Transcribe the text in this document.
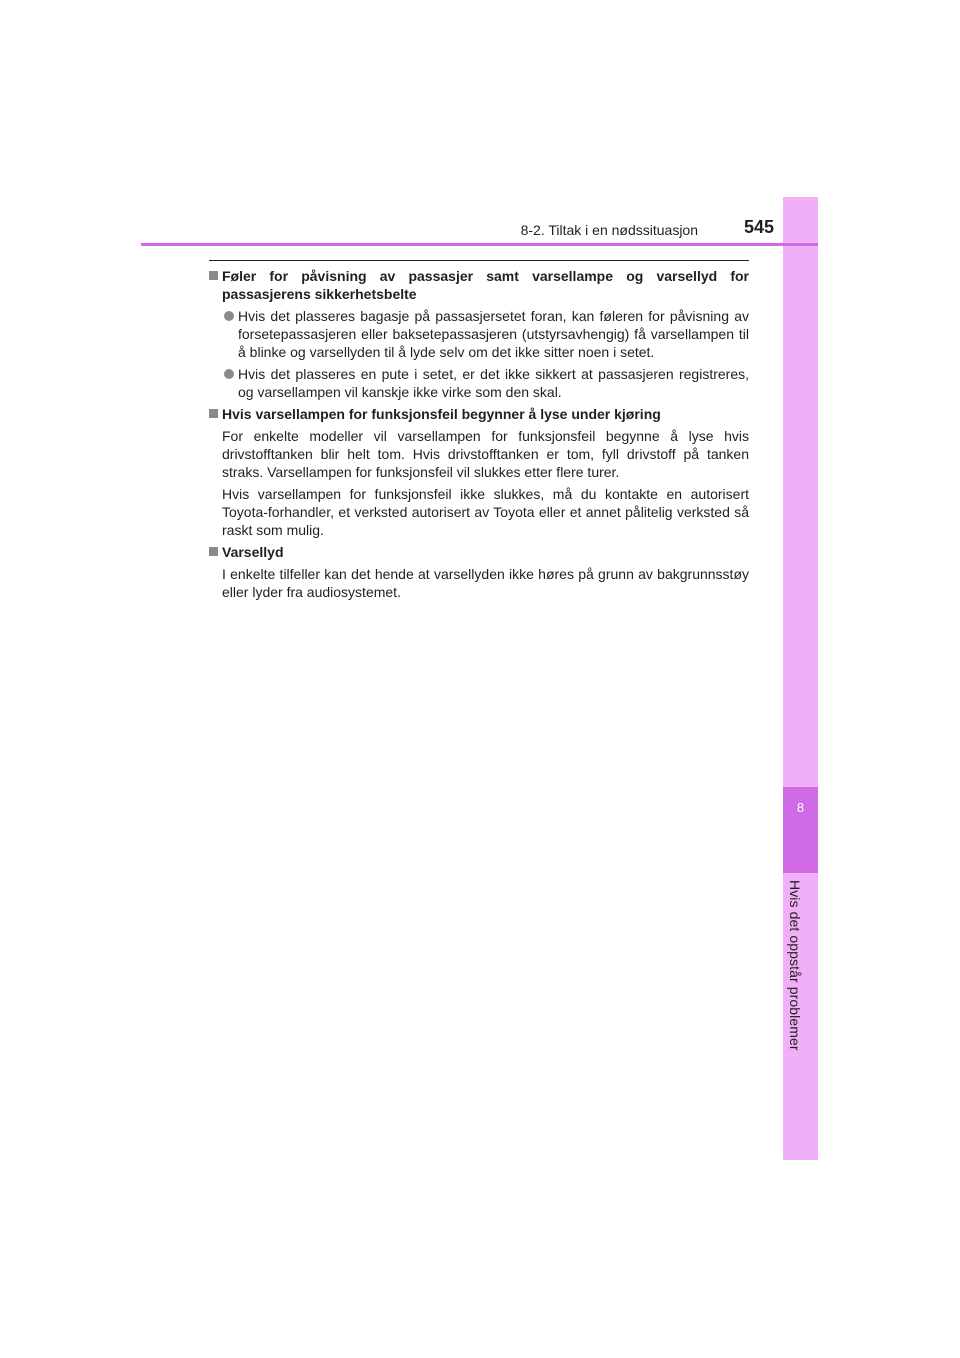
8
Hvis det oppstår problemer
8-2. Tiltak i en nødssituasjon	545
Føler for påvisning av passasjer samt varsellampe og varsellyd for passasjerens sikkerhetsbelte
Hvis det plasseres bagasje på passasjersetet foran, kan føleren for påvisning av forsetepassasjeren eller baksetepassasjeren (utstyrsavhengig) få varsellampen til å blinke og varsellyden til å lyde selv om det ikke sitter noen i setet.
Hvis det plasseres en pute i setet, er det ikke sikkert at passasjeren registreres, og varsellampen vil kanskje ikke virke som den skal.
Hvis varsellampen for funksjonsfeil begynner å lyse under kjøring
For enkelte modeller vil varsellampen for funksjonsfeil begynne å lyse hvis drivstofftanken blir helt tom. Hvis drivstofftanken er tom, fyll drivstoff på tanken straks. Varsellampen for funksjonsfeil vil slukkes etter flere turer.
Hvis varsellampen for funksjonsfeil ikke slukkes, må du kontakte en autorisert Toyota-forhandler, et verksted autorisert av Toyota eller et annet pålitelig verksted så raskt som mulig.
Varsellyd
I enkelte tilfeller kan det hende at varsellyden ikke høres på grunn av bakgrunnsstøy eller lyder fra audiosystemet.
